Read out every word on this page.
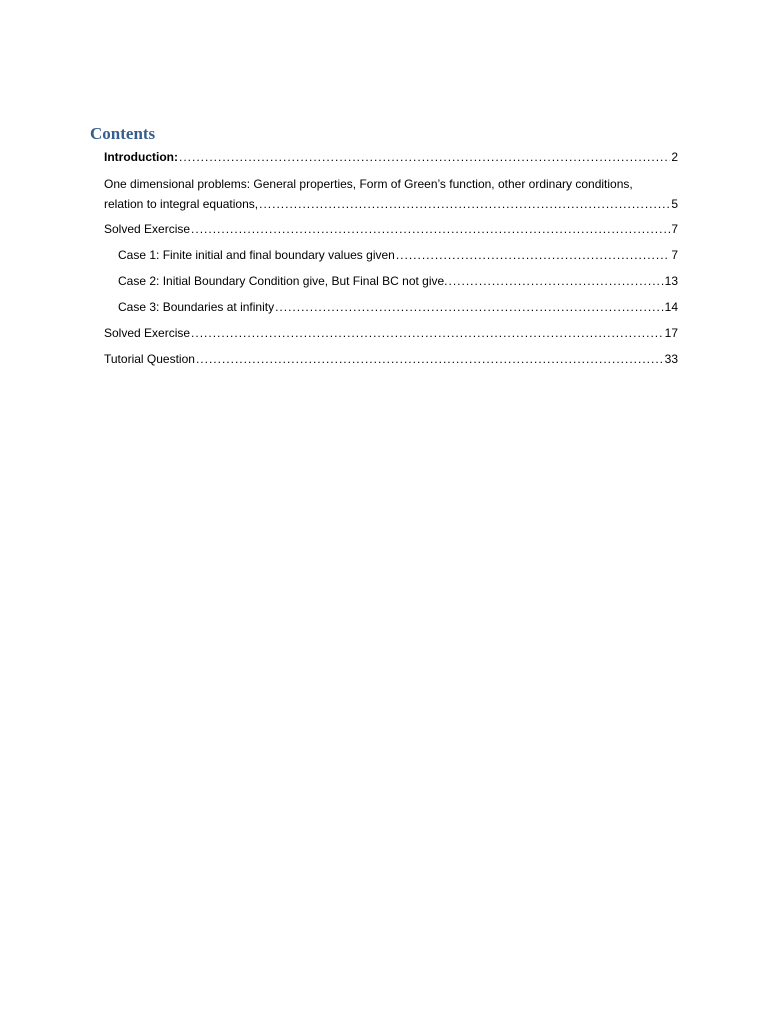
Contents
Introduction: .....	2
One dimensional problems: General properties, Form of Green’s function, other ordinary conditions,
relation to integral equations, .....	5
Solved Exercise .....	7
Case 1: Finite initial and final boundary values given .....	7
Case 2: Initial Boundary Condition give, But Final BC not give. .....	13
Case 3: Boundaries at infinity .....	14
Solved Exercise .....	17
Tutorial Question .....	33
